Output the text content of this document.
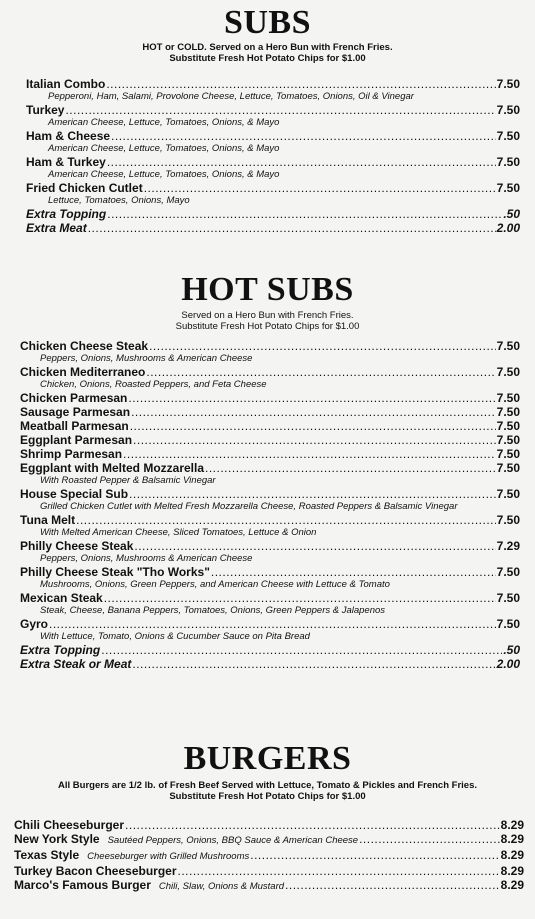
SUBS
HOT or COLD. Served on a Hero Bun with French Fries.
Substitute Fresh Hot Potato Chips for $1.00
Italian Combo .....	7.50
Pepperoni, Ham, Salami, Provolone Cheese, Lettuce, Tomatoes, Onions, Oil & Vinegar
Turkey .....	7.50
American Cheese, Lettuce, Tomatoes, Onions, & Mayo
Ham & Cheese .....	7.50
American Cheese, Lettuce, Tomatoes, Onions, & Mayo
Ham & Turkey .....	7.50
American Cheese, Lettuce, Tomatoes, Onions, & Mayo
Fried Chicken Cutlet .....	7.50
Lettuce, Tomatoes, Onions, Mayo
Extra Topping .....	.50
Extra Meat .....	2.00
HOT SUBS
Served on a Hero Bun with French Fries.
Substitute Fresh Hot Potato Chips for $1.00
Chicken Cheese Steak .....	7.50
Peppers, Onions, Mushrooms & American Cheese
Chicken Mediterraneo .....	7.50
Chicken, Onions, Roasted Peppers, and Feta Cheese
Chicken Parmesan .....	7.50
Sausage Parmesan .....	7.50
Meatball Parmesan .....	7.50
Eggplant Parmesan .....	7.50
Shrimp Parmesan .....	7.50
Eggplant with Melted Mozzarella .....	7.50
With Roasted Pepper & Balsamic Vinegar
House Special Sub .....	7.50
Grilled Chicken Cutlet with Melted Fresh Mozzarella Cheese, Roasted Peppers & Balsamic Vinegar
Tuna Melt .....	7.50
With Melted American Cheese, Sliced Tomatoes, Lettuce & Onion
Philly Cheese Steak .....	7.29
Peppers, Onions, Mushrooms & American Cheese
Philly Cheese Steak "Tho Works" .....	7.50
Mushrooms, Onions, Green Peppers, and American Cheese with Lettuce & Tomato
Mexican Steak .....	7.50
Steak, Cheese, Banana Peppers, Tomatoes, Onions, Green Peppers & Jalapenos
Gyro .....	7.50
With Lettuce, Tomato, Onions & Cucumber Sauce on Pita Bread
Extra Topping .....	.50
Extra Steak or Meat .....	2.00
BURGERS
All Burgers are 1/2 lb. of Fresh Beef Served with Lettuce, Tomato & Pickles and French Fries.
Substitute Fresh Hot Potato Chips for $1.00
Chili Cheeseburger .....	8.29
New York Style Sautéed Peppers, Onions, BBQ Sauce & American Cheese .....	8.29
Texas Style Cheeseburger with Grilled Mushrooms .....	8.29
Turkey Bacon Cheeseburger .....	8.29
Marco's Famous Burger Chili, Slaw, Onions & Mustard .....	8.29
